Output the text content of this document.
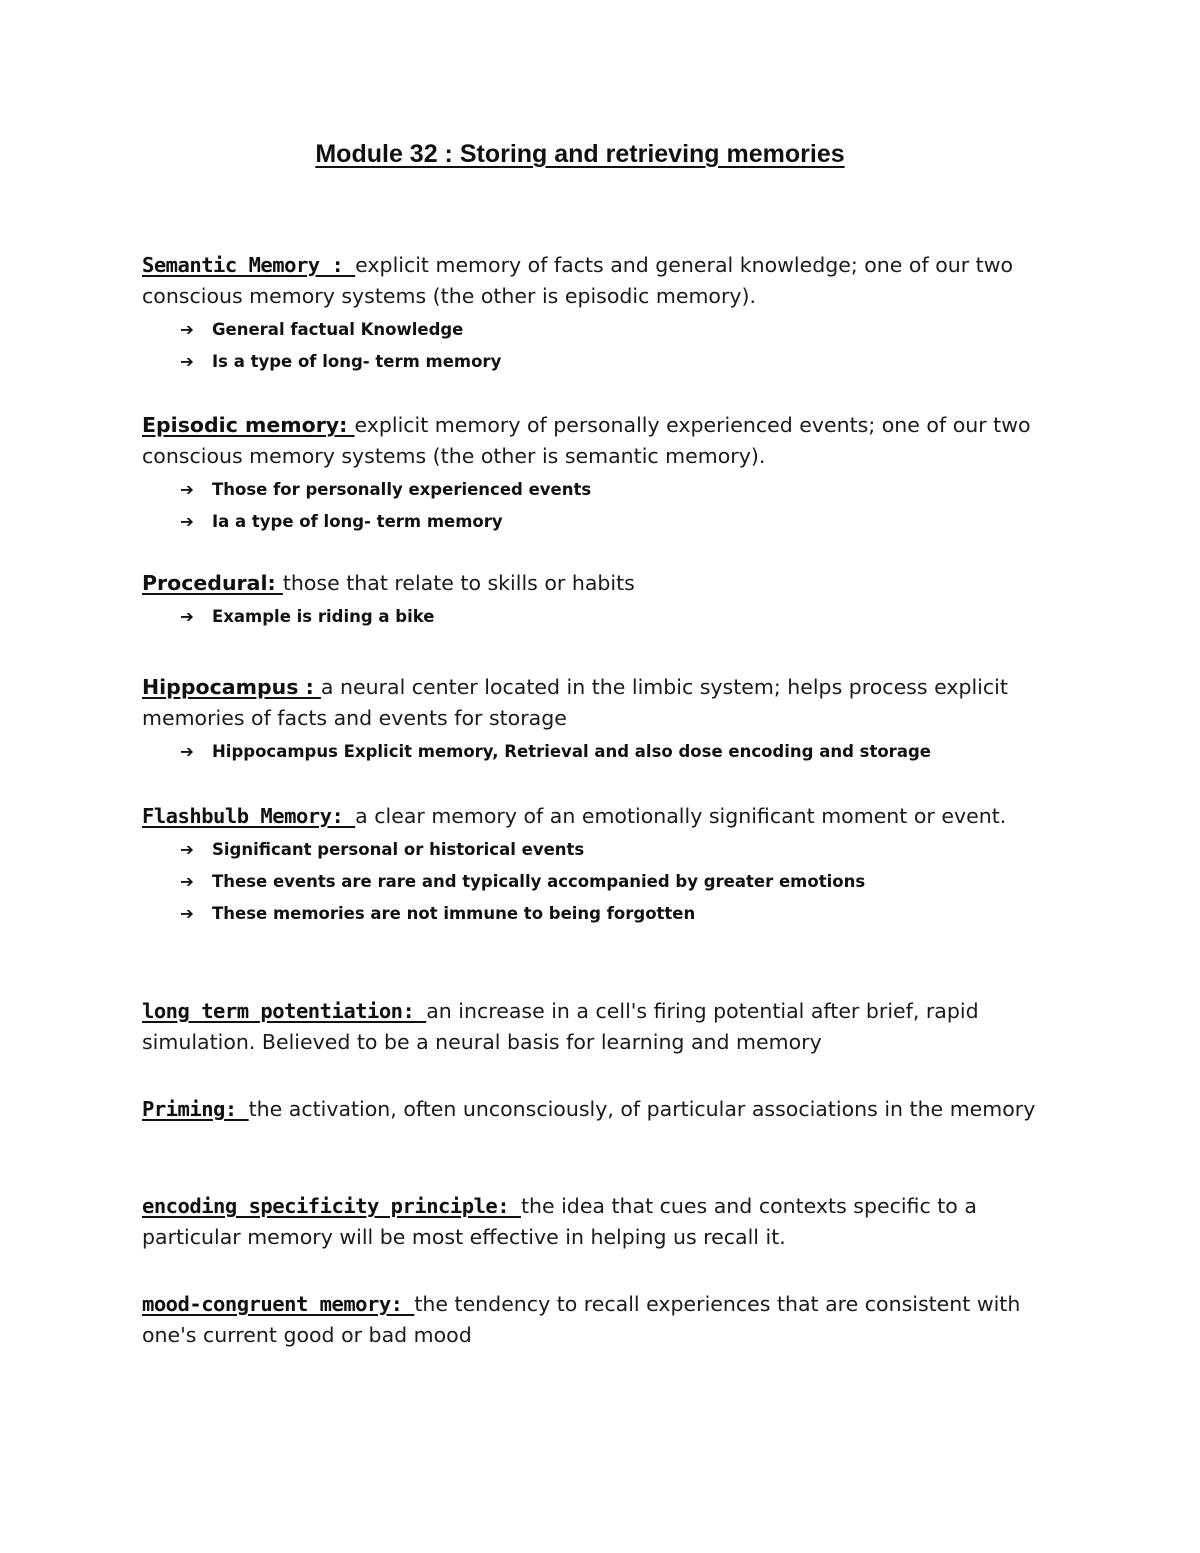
Module 32 : Storing and retrieving memories

Semantic Memory : explicit memory of facts and general knowledge; one of our two conscious memory systems (the other is episodic memory).

➔	General factual Knowledge
➔	Is a type of long- term memory

Episodic memory: explicit memory of personally experienced events; one of our two conscious memory systems (the other is semantic memory).

➔	Those for personally experienced events
➔	Ia a type of long- term memory

Procedural: those that relate to skills or habits

➔	Example is riding a bike

Hippocampus : a neural center located in the limbic system; helps process explicit memories of facts and events for storage

➔	Hippocampus Explicit memory, Retrieval and also dose encoding and storage

Flashbulb Memory: a clear memory of an emotionally significant moment or event.

➔	Significant personal or historical events
➔	These events are rare and typically accompanied by greater emotions
➔	These memories are not immune to being forgotten

long term potentiation: an increase in a cell's firing potential after brief, rapid simulation. Believed to be a neural basis for learning and memory

Priming: the activation, often unconsciously, of particular associations in the memory

encoding specificity principle: the idea that cues and contexts specific to a particular memory will be most effective in helping us recall it.

mood-congruent memory: the tendency to recall experiences that are consistent with one's current good or bad mood
